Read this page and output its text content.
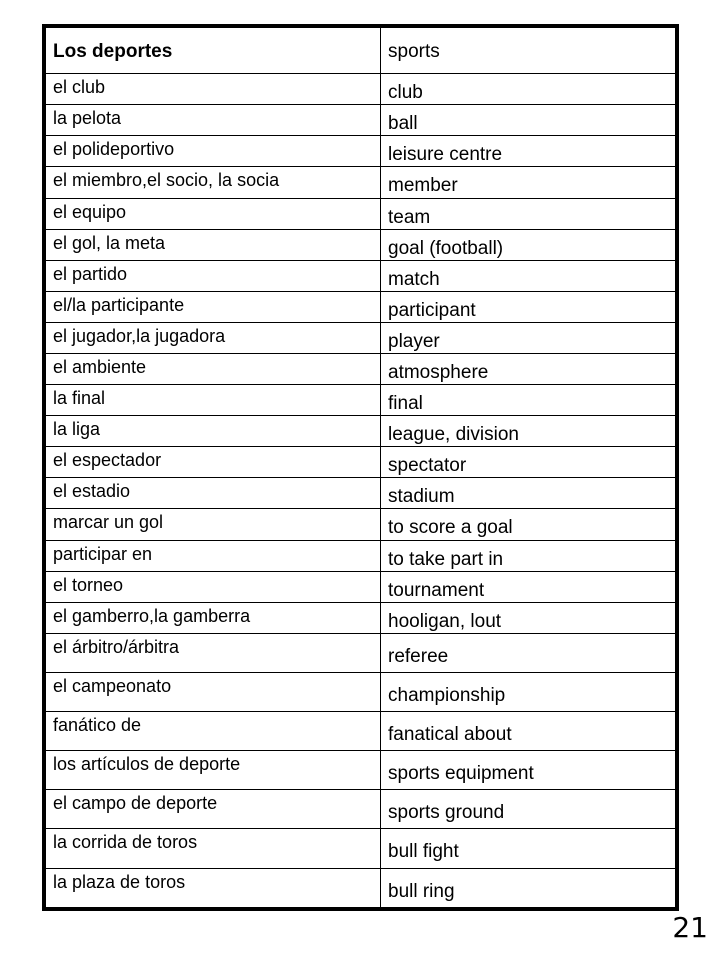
Los deportes	sports
el club	club
la pelota	ball
el polideportivo	leisure centre
el miembro,el socio, la socia	member
el equipo	team
el gol, la meta	goal (football)
el partido	match
el/la participante	participant
el jugador,la jugadora	player
el ambiente	atmosphere
la final	final
la liga	league, division
el espectador	spectator
el estadio	stadium
marcar un gol	to score a goal
participar en	to take part in
el torneo	tournament
el gamberro,la gamberra	hooligan, lout
el árbitro/árbitra	referee
el campeonato	championship
fanático de	fanatical about
los artículos de deporte	sports equipment
el campo de deporte	sports ground
la corrida de toros	bull fight
la plaza de toros	bull ring
21
